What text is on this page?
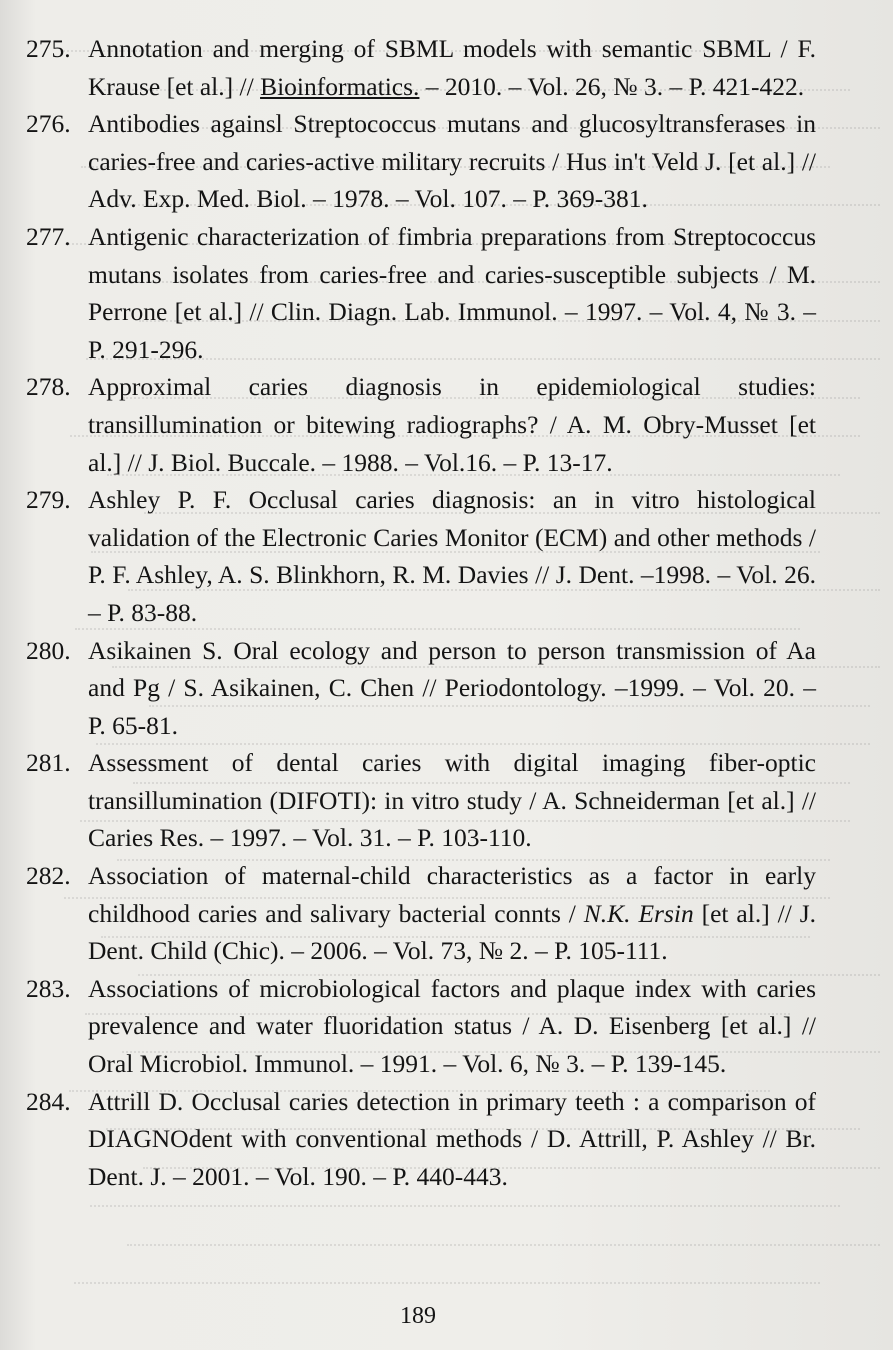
275. Annotation and merging of SBML models with semantic SBML / F. Krause [et al.] // Bioinformatics. – 2010. – Vol. 26, № 3. – P. 421-422.
276. Antibodies againsl Streptococcus mutans and glucosyltransferases in caries-free and caries-active military recruits / Hus in't Veld J. [et al.] // Adv. Exp. Med. Biol. – 1978. – Vol. 107. – P. 369-381.
277. Antigenic characterization of fimbria preparations from Streptococcus mutans isolates from caries-free and caries-susceptible subjects / M. Perrone [et al.] // Clin. Diagn. Lab. Immunol. – 1997. – Vol. 4, № 3. – P. 291-296.
278. Approximal caries diagnosis in epidemiological studies: transillumination or bitewing radiographs? / A. M. Obry-Musset [et al.] // J. Biol. Buccale. – 1988. – Vol.16. – P. 13-17.
279. Ashley P. F. Occlusal caries diagnosis: an in vitro histological validation of the Electronic Caries Monitor (ECM) and other methods / P. F. Ashley, A. S. Blinkhorn, R. M. Davies // J. Dent. –1998. – Vol. 26. – P. 83-88.
280. Asikainen S. Oral ecology and person to person transmission of Aa and Pg / S. Asikainen, C. Chen // Periodontology. –1999. – Vol. 20. – P. 65-81.
281. Assessment of dental caries with digital imaging fiber-optic transillumination (DIFOTI): in vitro study / A. Schneiderman [et al.] // Caries Res. – 1997. – Vol. 31. – P. 103-110.
282. Association of maternal-child characteristics as a factor in early childhood caries and salivary bacterial connts / N.K. Ersin [et al.] // J. Dent. Child (Chic). – 2006. – Vol. 73, № 2. – P. 105-111.
283. Associations of microbiological factors and plaque index with caries prevalence and water fluoridation status / A. D. Eisenberg [et al.] // Oral Microbiol. Immunol. – 1991. – Vol. 6, № 3. – P. 139-145.
284. Attrill D. Occlusal caries detection in primary teeth : a comparison of DIAGNOdent with conventional methods / D. Attrill, P. Ashley // Br. Dent. J. – 2001. – Vol. 190. – P. 440-443.
189
